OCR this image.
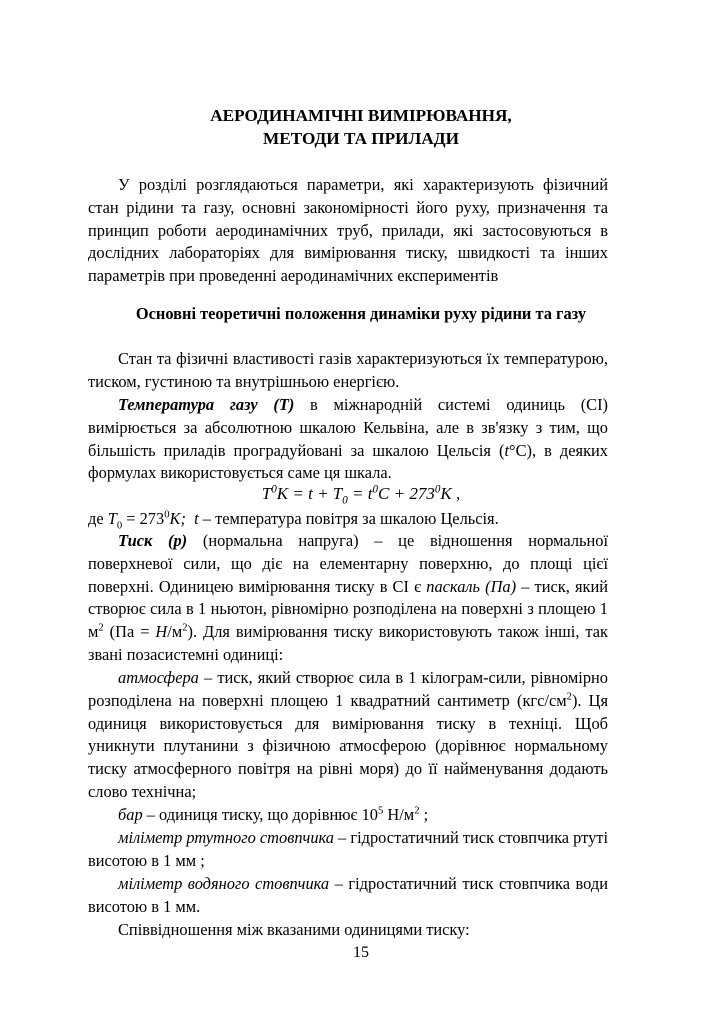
АЕРОДИНАМІЧНІ ВИМІРЮВАННЯ,
МЕТОДИ ТА ПРИЛАДИ

У розділі розглядаються параметри, які характеризують фізичний стан рідини та газу, основні закономірності його руху, призначення та принцип роботи аеродинамічних труб, прилади, які застосовуються в дослідних лабораторіях для вимірювання тиску, швидкості та інших параметрів при проведенні аеродинамічних експериментів

Основні теоретичні положення динаміки руху рідини та газу

Стан та фізичні властивості газів характеризуються їх температурою, тиском, густиною та внутрішньою енергією.

Температура газу (Т) в міжнародній системі одиниць (СІ) вимірюється за абсолютною шкалою Кельвіна, але в зв'язку з тим, що більшість приладів проградуйовані за шкалою Цельсія (t°С), в деяких формулах використовується саме ця шкала.

$T^0K = t + T_0 = t^0C + 273^0K$ ,

де $T_0 = 273^0K$; t – температура повітря за шкалою Цельсія.

Тиск (р) (нормальна напруга) – це відношення нормальної поверхневої сили, що діє на елементарну поверхню, до площі цієї поверхні. Одиницею вимірювання тиску в СІ є паскаль (Па) – тиск, який створює сила в 1 ньютон, рівномірно розподілена на поверхні з площею 1 $м^2$ $(Па = Н/м^2)$. Для вимірювання тиску використовують також інші, так звані позасистемні одиниці:

атмосфера – тиск, який створює сила в 1 кілограм-сили, рівномірно розподілена на поверхні площею 1 квадратний сантиметр $(кгс/см^2)$. Ця одиниця використовується для вимірювання тиску в техніці. Щоб уникнути плутанини з фізичною атмосферою (дорівнює нормальному тиску атмосферного повітря на рівні моря) до її найменування додають слово технічна;

бар – одиниця тиску, що дорівнює $10^5$ $Н/м^2$ ;

міліметр ртутного стовпчика – гідростатичний тиск стовпчика ртуті висотою в 1 мм ;

міліметр водяного стовпчика – гідростатичний тиск стовпчика води висотою в 1 мм.

Співвідношення між вказаними одиницями тиску:

15
